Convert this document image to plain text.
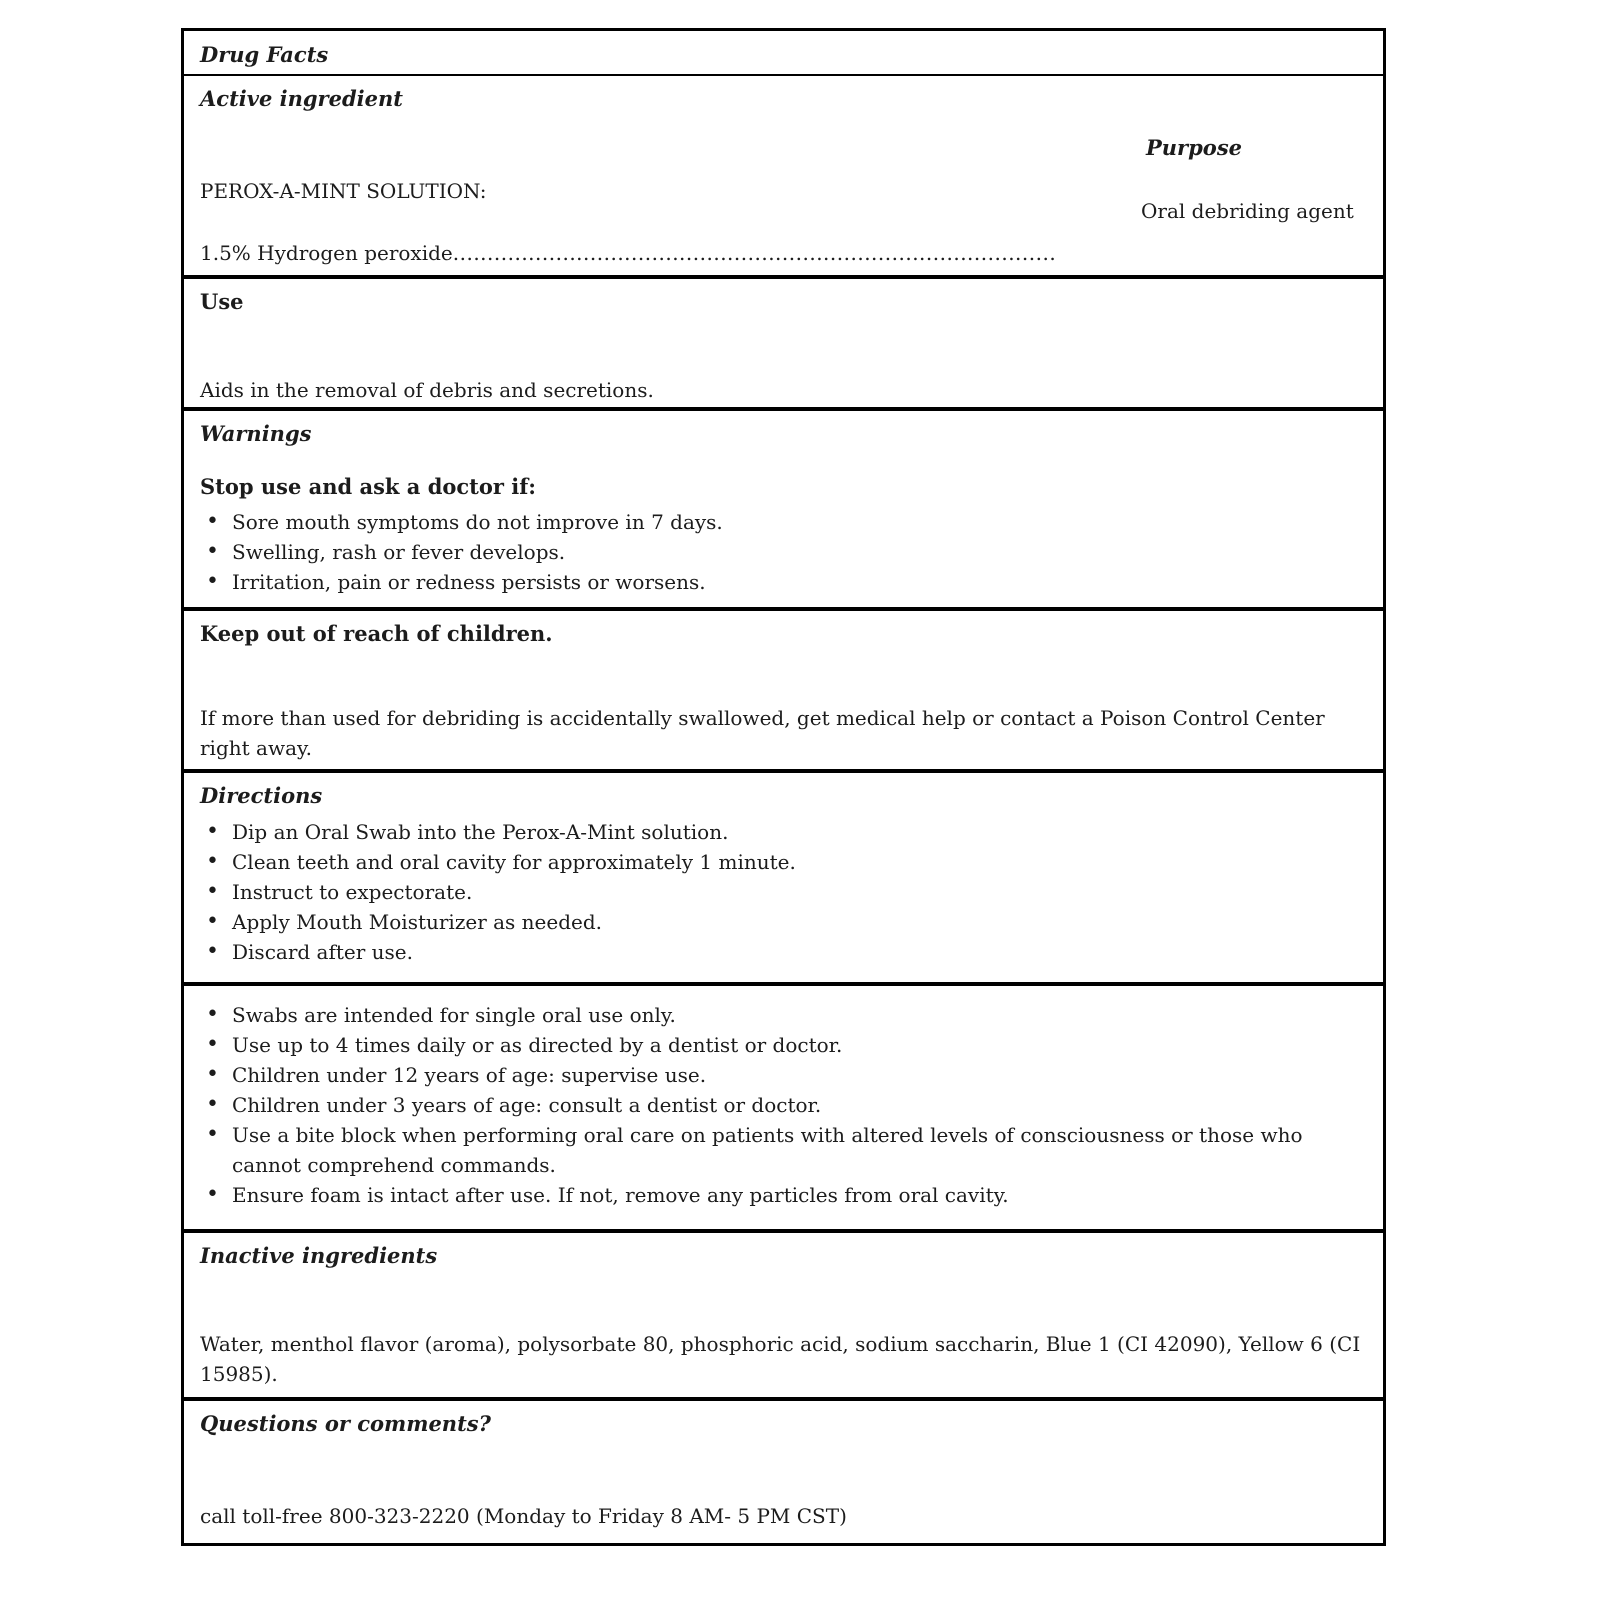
Drug Facts
Active ingredient
Purpose
PEROX-A-MINT SOLUTION:
Oral debriding agent
1.5% Hydrogen peroxide........................................................................................
Use
Aids in the removal of debris and secretions.
Warnings
Stop use and ask a doctor if:
• Sore mouth symptoms do not improve in 7 days.
• Swelling, rash or fever develops.
• Irritation, pain or redness persists or worsens.
Keep out of reach of children.
If more than used for debriding is accidentally swallowed, get medical help or contact a Poison Control Center right away.
Directions
• Dip an Oral Swab into the Perox-A-Mint solution.
• Clean teeth and oral cavity for approximately 1 minute.
• Instruct to expectorate.
• Apply Mouth Moisturizer as needed.
• Discard after use.
• Swabs are intended for single oral use only.
• Use up to 4 times daily or as directed by a dentist or doctor.
• Children under 12 years of age: supervise use.
• Children under 3 years of age: consult a dentist or doctor.
• Use a bite block when performing oral care on patients with altered levels of consciousness or those who cannot comprehend commands.
• Ensure foam is intact after use. If not, remove any particles from oral cavity.
Inactive ingredients
Water, menthol flavor (aroma), polysorbate 80, phosphoric acid, sodium saccharin, Blue 1 (CI 42090), Yellow 6 (CI 15985).
Questions or comments?
call toll-free 800-323-2220 (Monday to Friday 8 AM- 5 PM CST)
